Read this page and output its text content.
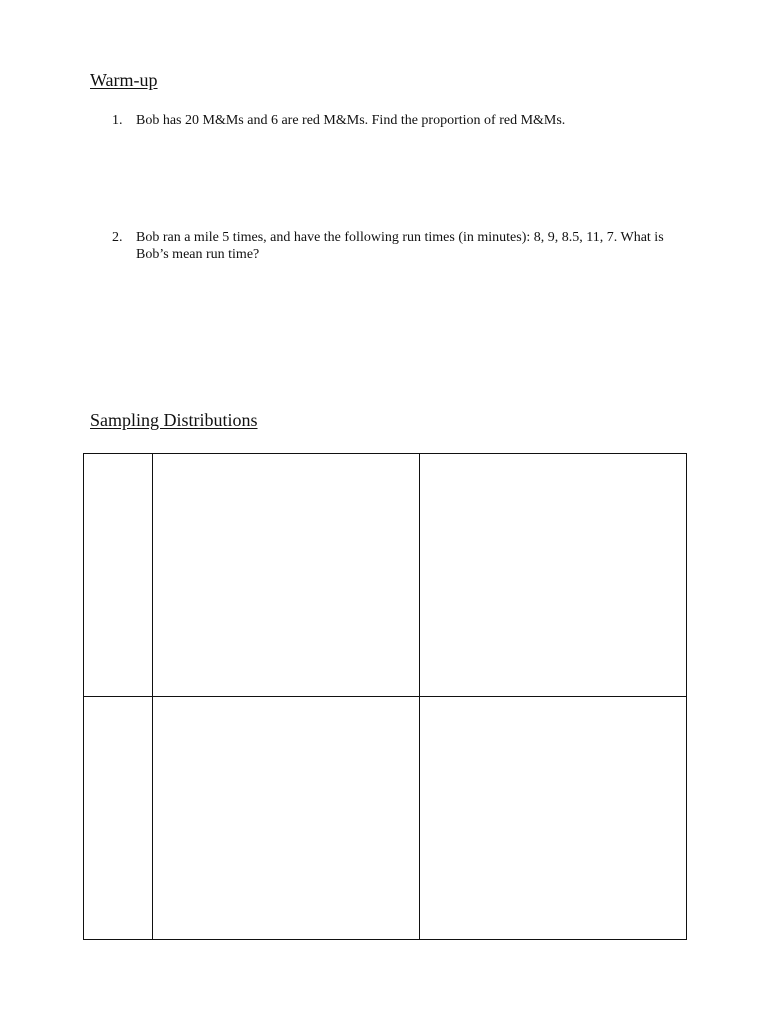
Warm-up
1. Bob has 20 M&Ms and 6 are red M&Ms. Find the proportion of red M&Ms.
2. Bob ran a mile 5 times, and have the following run times (in minutes): 8, 9, 8.5, 11, 7. What is Bob’s mean run time?
Sampling Distributions
